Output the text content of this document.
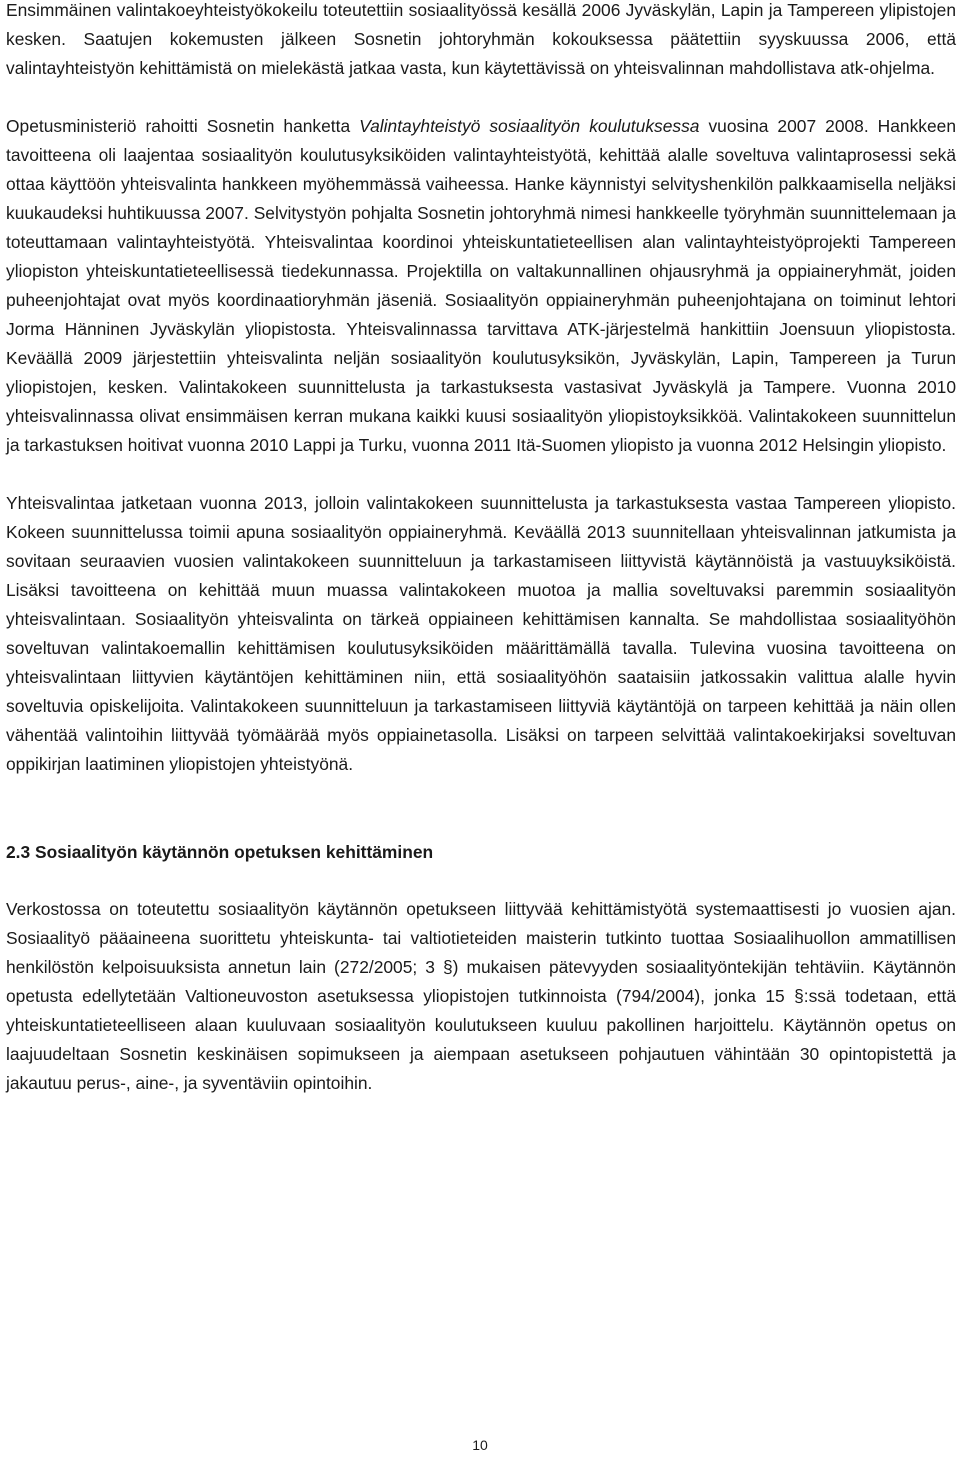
Ensimmäinen valintakoeyhteistyökokeilu toteutettiin sosiaalityössä kesällä 2006 Jyväskylän, Lapin ja Tampereen ylipistojen kesken. Saatujen kokemusten jälkeen Sosnetin johtoryhmän kokouksessa päätettiin syyskuussa 2006, että valintayhteistyön kehittämistä on mielekästä jatkaa vasta, kun käytettävissä on yhteisvalinnan mahdollistava atk-ohjelma.

Opetusministeriö rahoitti Sosnetin hanketta Valintayhteistyö sosiaalityön koulutuksessa vuosina 2007 2008. Hankkeen tavoitteena oli laajentaa sosiaalityön koulutusyksiköiden valintayhteistyötä, kehittää alalle soveltuva valintaprosessi sekä ottaa käyttöön yhteisvalinta hankkeen myöhemmässä vaiheessa. Hanke käynnistyi selvityshenkilön palkkaamisella neljäksi kuukaudeksi huhtikuussa 2007. Selvitystyön pohjalta Sosnetin johtoryhmä nimesi hankkeelle työryhmän suunnittelemaan ja toteuttamaan valintayhteistyötä. Yhteisvalintaa koordinoi yhteiskuntatieteellisen alan valintayhteistyöprojekti Tampereen yliopiston yhteiskuntatieteellisessä tiedekunnassa. Projektilla on valtakunnallinen ohjausryhmä ja oppiaineryhmät, joiden puheenjohtajat ovat myös koordinaatioryhmän jäseniä. Sosiaalityön oppiaineryhmän puheenjohtajana on toiminut lehtori Jorma Hänninen Jyväskylän yliopistosta. Yhteisvalinnassa tarvittava ATK-järjestelmä hankittiin Joensuun yliopistosta. Keväällä 2009 järjestettiin yhteisvalinta neljän sosiaalityön koulutusyksikön, Jyväskylän, Lapin, Tampereen ja Turun yliopistojen, kesken. Valintakokeen suunnittelusta ja tarkastuksesta vastasivat Jyväskylä ja Tampere. Vuonna 2010 yhteisvalinnassa olivat ensimmäisen kerran mukana kaikki kuusi sosiaalityön yliopistoyksikköä. Valintakokeen suunnittelun ja tarkastuksen hoitivat vuonna 2010 Lappi ja Turku, vuonna 2011 Itä-Suomen yliopisto ja vuonna 2012 Helsingin yliopisto.

Yhteisvalintaa jatketaan vuonna 2013, jolloin valintakokeen suunnittelusta ja tarkastuksesta vastaa Tampereen yliopisto. Kokeen suunnittelussa toimii apuna sosiaalityön oppiaineryhmä. Keväällä 2013 suunnitellaan yhteisvalinnan jatkumista ja sovitaan seuraavien vuosien valintakokeen suunnitteluun ja tarkastamiseen liittyvistä käytännöistä ja vastuuyksiköistä. Lisäksi tavoitteena on kehittää muun muassa valintakokeen muotoa ja mallia soveltuvaksi paremmin sosiaalityön yhteisvalintaan. Sosiaalityön yhteisvalinta on tärkeä oppiaineen kehittämisen kannalta. Se mahdollistaa sosiaalityöhön soveltuvan valintakoemallin kehittämisen koulutusyksiköiden määrittämällä tavalla. Tulevina vuosina tavoitteena on yhteisvalintaan liittyvien käytäntöjen kehittäminen niin, että sosiaalityöhön saataisiin jatkossakin valittua alalle hyvin soveltuvia opiskelijoita. Valintakokeen suunnitteluun ja tarkastamiseen liittyviä käytäntöjä on tarpeen kehittää ja näin ollen vähentää valintoihin liittyvää työmäärää myös oppiainetasolla. Lisäksi on tarpeen selvittää valintakoekirjaksi soveltuvan oppikirjan laatiminen yliopistojen yhteistyönä.

2.3 Sosiaalityön käytännön opetuksen kehittäminen

Verkostossa on toteutettu sosiaalityön käytännön opetukseen liittyvää kehittämistyötä systemaattisesti jo vuosien ajan. Sosiaalityö pääaineena suorittetu yhteiskunta- tai valtiotieteiden maisterin tutkinto tuottaa Sosiaalihuollon ammatillisen henkilöstön kelpoisuuksista annetun lain (272/2005; 3 §) mukaisen pätevyyden sosiaalityöntekijän tehtäviin. Käytännön opetusta edellytetään Valtioneuvoston asetuksessa yliopistojen tutkinnoista (794/2004), jonka 15 §:ssä todetaan, että yhteiskuntatieteelliseen alaan kuuluvaan sosiaalityön koulutukseen kuuluu pakollinen harjoittelu. Käytännön opetus on laajuudeltaan Sosnetin keskinäisen sopimukseen ja aiempaan asetukseen pohjautuen vähintään 30 opintopistettä ja jakautuu perus-, aine-, ja syventäviin opintoihin.

10
